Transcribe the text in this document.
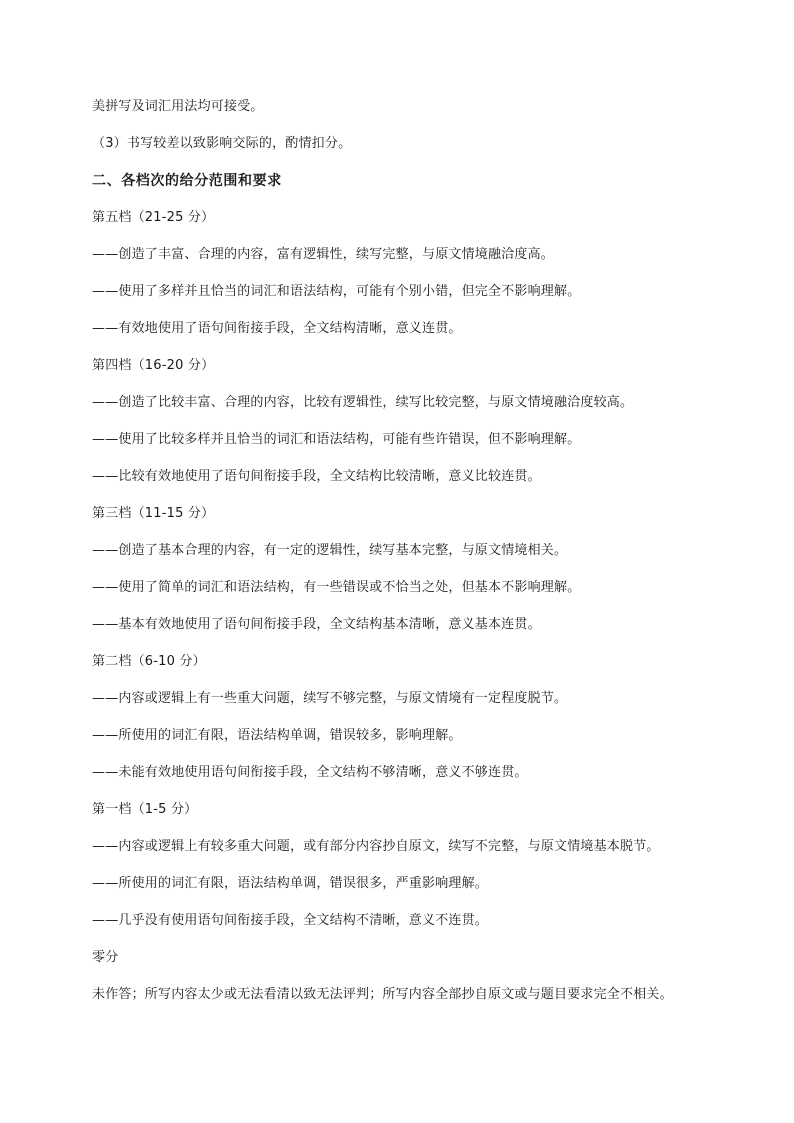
美拼写及词汇用法均可接受。
（3）书写较差以致影响交际的，酌情扣分。
二、各档次的给分范围和要求
第五档（21-25 分）
——创造了丰富、合理的内容，富有逻辑性，续写完整，与原文情境融洽度高。
——使用了多样并且恰当的词汇和语法结构，可能有个别小错，但完全不影响理解。
——有效地使用了语句间衔接手段，全文结构清晰，意义连贯。
第四档（16-20 分）
——创造了比较丰富、合理的内容，比较有逻辑性，续写比较完整，与原文情境融洽度较高。
——使用了比较多样并且恰当的词汇和语法结构，可能有些许错误，但不影响理解。
——比较有效地使用了语句间衔接手段，全文结构比较清晰，意义比较连贯。
第三档（11-15 分）
——创造了基本合理的内容，有一定的逻辑性，续写基本完整，与原文情境相关。
——使用了简单的词汇和语法结构，有一些错误或不恰当之处，但基本不影响理解。
——基本有效地使用了语句间衔接手段，全文结构基本清晰，意义基本连贯。
第二档（6-10 分）
——内容或逻辑上有一些重大问题，续写不够完整，与原文情境有一定程度脱节。
——所使用的词汇有限，语法结构单调，错误较多，影响理解。
——未能有效地使用语句间衔接手段，全文结构不够清晰，意义不够连贯。
第一档（1-5 分）
——内容或逻辑上有较多重大问题，或有部分内容抄自原文，续写不完整，与原文情境基本脱节。
——所使用的词汇有限，语法结构单调，错误很多，严重影响理解。
——几乎没有使用语句间衔接手段，全文结构不清晰，意义不连贯。
零分
未作答；所写内容太少或无法看清以致无法评判；所写内容全部抄自原文或与题目要求完全不相关。
